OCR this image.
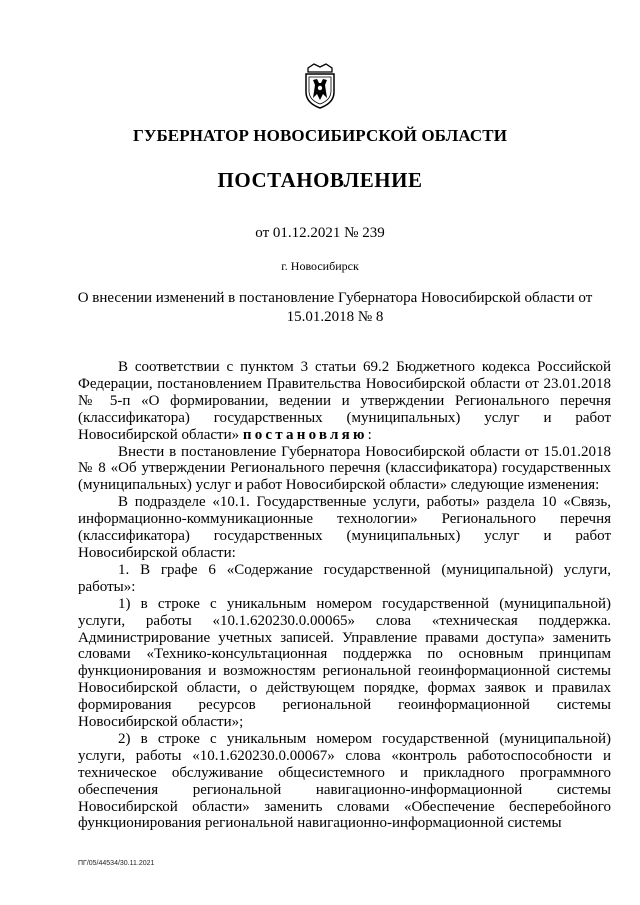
ГУБЕРНАТОР НОВОСИБИРСКОЙ ОБЛАСТИ
ПОСТАНОВЛЕНИЕ
от 01.12.2021 № 239
г. Новосибирск
О внесении изменений в постановление Губернатора Новосибирской области от 15.01.2018 № 8

В соответствии с пунктом 3 статьи 69.2 Бюджетного кодекса Российской Федерации, постановлением Правительства Новосибирской области от 23.01.2018 № 5-п «О формировании, ведении и утверждении Регионального перечня (классификатора) государственных (муниципальных) услуг и работ Новосибирской области» постановляю:

Внести в постановление Губернатора Новосибирской области от 15.01.2018 № 8 «Об утверждении Регионального перечня (классификатора) государственных (муниципальных) услуг и работ Новосибирской области» следующие изменения:

В подразделе «10.1. Государственные услуги, работы» раздела 10 «Связь, информационно-коммуникационные технологии» Регионального перечня (классификатора) государственных (муниципальных) услуг и работ Новосибирской области:

1. В графе 6 «Содержание государственной (муниципальной) услуги, работы»:

1) в строке с уникальным номером государственной (муниципальной) услуги, работы «10.1.620230.0.00065» слова «техническая поддержка. Администрирование учетных записей. Управление правами доступа» заменить словами «Технико-консультационная поддержка по основным принципам функционирования и возможностям региональной геоинформационной системы Новосибирской области, о действующем порядке, формах заявок и правилах формирования ресурсов региональной геоинформационной системы Новосибирской области»;

2) в строке с уникальным номером государственной (муниципальной) услуги, работы «10.1.620230.0.00067» слова «контроль работоспособности и техническое обслуживание общесистемного и прикладного программного обеспечения региональной навигационно-информационной системы Новосибирской области» заменить словами «Обеспечение бесперебойного функционирования региональной навигационно-информационной системы

ПГ/05/44534/30.11.2021
